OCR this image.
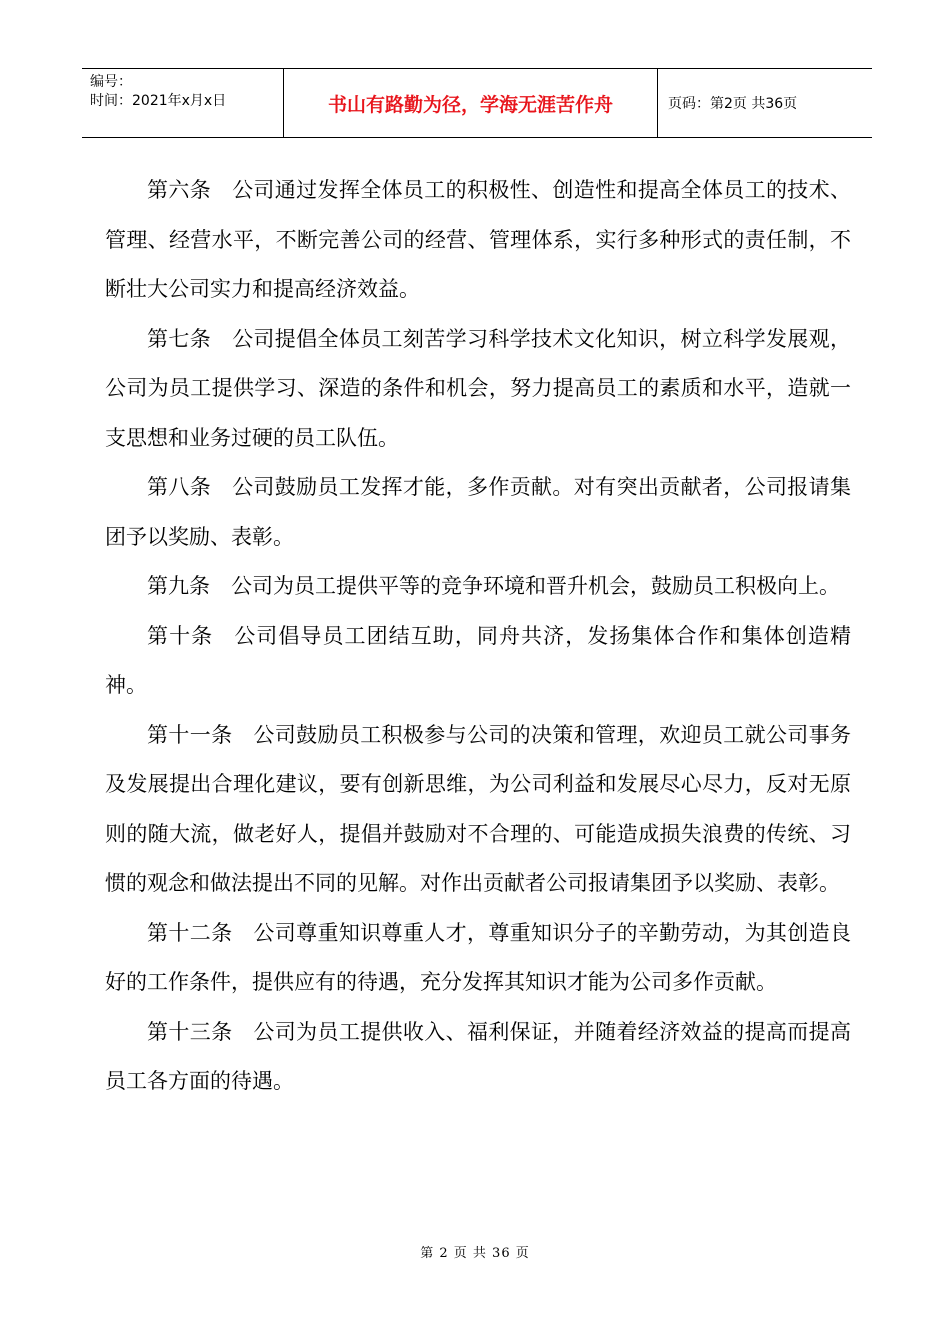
编号：
时间：2021年x月x日	书山有路勤为径，学海无涯苦作舟	页码：第2页 共36页

第六条 公司通过发挥全体员工的积极性、创造性和提高全体员工的技术、管理、经营水平，不断完善公司的经营、管理体系，实行多种形式的责任制，不断壮大公司实力和提高经济效益。

第七条 公司提倡全体员工刻苦学习科学技术文化知识，树立科学发展观，公司为员工提供学习、深造的条件和机会，努力提高员工的素质和水平，造就一支思想和业务过硬的员工队伍。

第八条 公司鼓励员工发挥才能，多作贡献。对有突出贡献者，公司报请集团予以奖励、表彰。

第九条 公司为员工提供平等的竞争环境和晋升机会，鼓励员工积极向上。

第十条 公司倡导员工团结互助，同舟共济，发扬集体合作和集体创造精神。

第十一条 公司鼓励员工积极参与公司的决策和管理，欢迎员工就公司事务及发展提出合理化建议，要有创新思维，为公司利益和发展尽心尽力，反对无原则的随大流，做老好人，提倡并鼓励对不合理的、可能造成损失浪费的传统、习惯的观念和做法提出不同的见解。对作出贡献者公司报请集团予以奖励、表彰。

第十二条 公司尊重知识尊重人才，尊重知识分子的辛勤劳动，为其创造良好的工作条件，提供应有的待遇，充分发挥其知识才能为公司多作贡献。

第十三条 公司为员工提供收入、福利保证，并随着经济效益的提高而提高员工各方面的待遇。

第 2 页 共 36 页
